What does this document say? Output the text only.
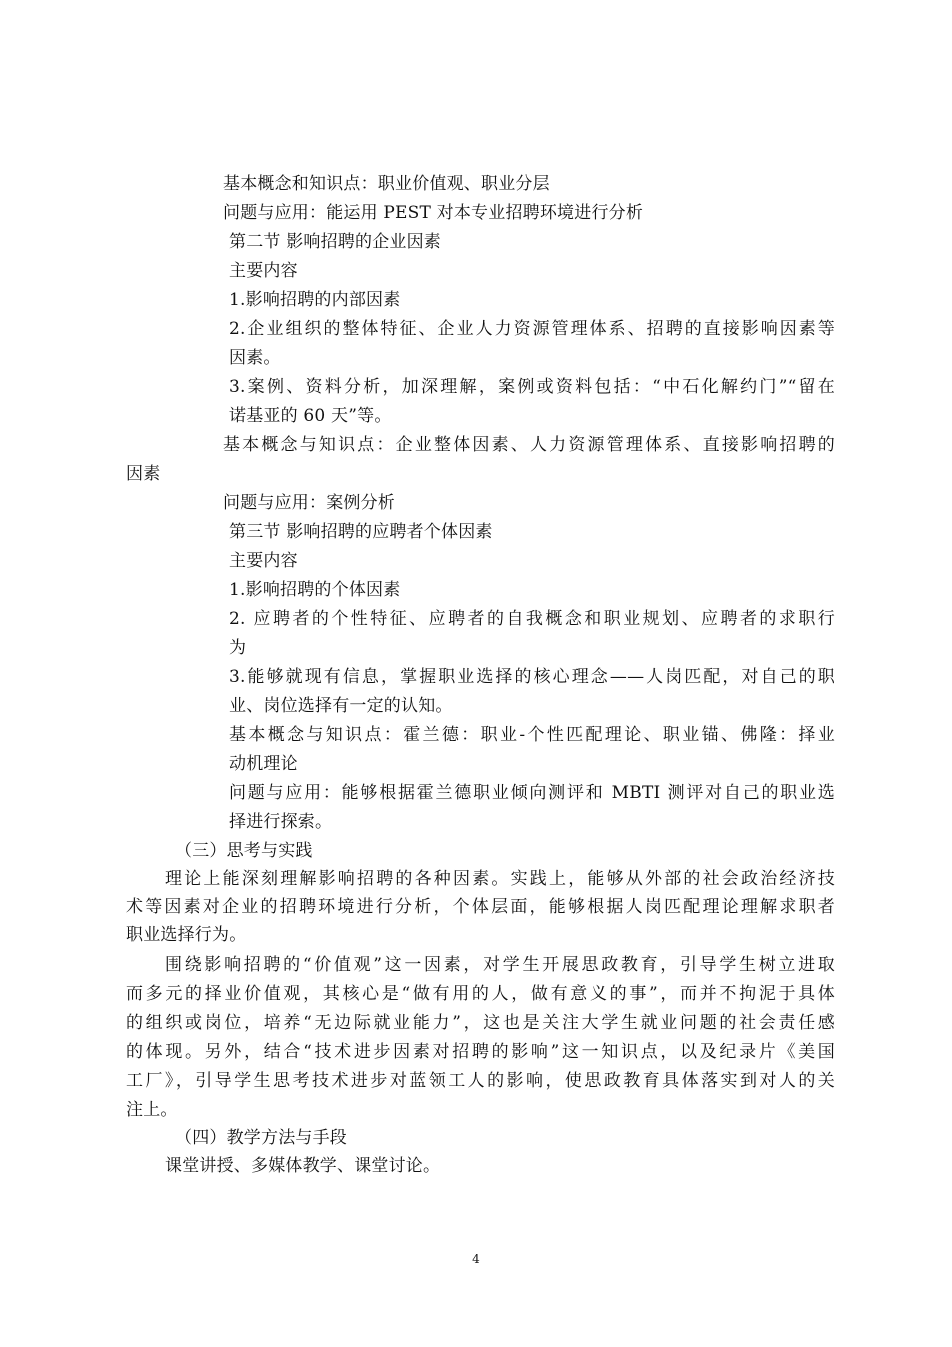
基本概念和知识点：职业价值观、职业分层
问题与应用：能运用 PEST 对本专业招聘环境进行分析
第二节 影响招聘的企业因素
主要内容
1.影响招聘的内部因素
2.企业组织的整体特征、企业人力资源管理体系、招聘的直接影响因素等
因素。
3.案例、资料分析，加深理解，案例或资料包括：“中石化解约门”“留在
诺基亚的 60 天”等。
基本概念与知识点：企业整体因素、人力资源管理体系、直接影响招聘的
因素
问题与应用：案例分析
第三节 影响招聘的应聘者个体因素
主要内容
1.影响招聘的个体因素
2. 应聘者的个性特征、应聘者的自我概念和职业规划、应聘者的求职行
为
3.能够就现有信息，掌握职业选择的核心理念——人岗匹配，对自己的职
业、岗位选择有一定的认知。
基本概念与知识点：霍兰德：职业-个性匹配理论、职业锚、佛隆：择业
动机理论
问题与应用：能够根据霍兰德职业倾向测评和 MBTI 测评对自己的职业选
择进行探索。
（三）思考与实践
理论上能深刻理解影响招聘的各种因素。实践上，能够从外部的社会政治经济技
术等因素对企业的招聘环境进行分析，个体层面，能够根据人岗匹配理论理解求职者
职业选择行为。
围绕影响招聘的“价值观”这一因素，对学生开展思政教育，引导学生树立进取
而多元的择业价值观，其核心是“做有用的人，做有意义的事”，而并不拘泥于具体
的组织或岗位，培养“无边际就业能力”，这也是关注大学生就业问题的社会责任感
的体现。另外，结合“技术进步因素对招聘的影响”这一知识点，以及纪录片《美国
工厂》，引导学生思考技术进步对蓝领工人的影响，使思政教育具体落实到对人的关
注上。
（四）教学方法与手段
课堂讲授、多媒体教学、课堂讨论。
4
